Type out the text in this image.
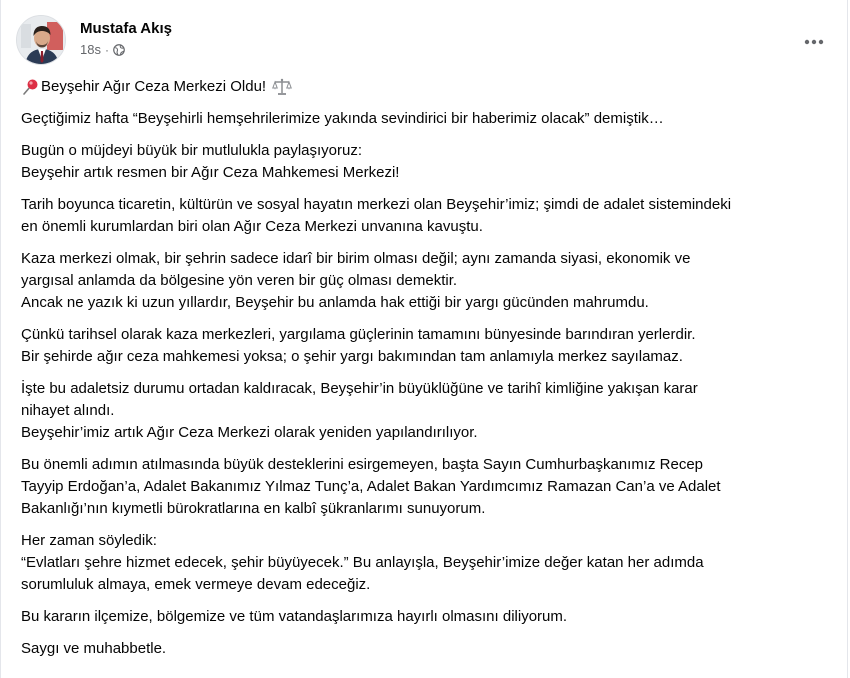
Mustafa Akış
18s ·

Beyşehir Ağır Ceza Merkezi Oldu!

Geçtiğimiz hafta “Beyşehirli hemşehrilerimize yakında sevindirici bir haberimiz olacak” demiştik…

Bugün o müjdeyi büyük bir mutlulukla paylaşıyoruz:
Beyşehir artık resmen bir Ağır Ceza Mahkemesi Merkezi!

Tarih boyunca ticaretin, kültürün ve sosyal hayatın merkezi olan Beyşehir’imiz; şimdi de adalet sistemindeki
en önemli kurumlardan biri olan Ağır Ceza Merkezi unvanına kavuştu.

Kaza merkezi olmak, bir şehrin sadece idarî bir birim olması değil; aynı zamanda siyasi, ekonomik ve
yargısal anlamda da bölgesine yön veren bir güç olması demektir.
Ancak ne yazık ki uzun yıllardır, Beyşehir bu anlamda hak ettiği bir yargı gücünden mahrumdu.

Çünkü tarihsel olarak kaza merkezleri, yargılama güçlerinin tamamını bünyesinde barındıran yerlerdir.
Bir şehirde ağır ceza mahkemesi yoksa; o şehir yargı bakımından tam anlamıyla merkez sayılamaz.

İşte bu adaletsiz durumu ortadan kaldıracak, Beyşehir’in büyüklüğüne ve tarihî kimliğine yakışan karar
nihayet alındı.
Beyşehir’imiz artık Ağır Ceza Merkezi olarak yeniden yapılandırılıyor.

Bu önemli adımın atılmasında büyük desteklerini esirgemeyen, başta Sayın Cumhurbaşkanımız Recep
Tayyip Erdoğan’a, Adalet Bakanımız Yılmaz Tunç’a, Adalet Bakan Yardımcımız Ramazan Can’a ve Adalet
Bakanlığı’nın kıymetli bürokratlarına en kalbî şükranlarımı sunuyorum.

Her zaman söyledik:
“Evlatları şehre hizmet edecek, şehir büyüyecek.” Bu anlayışla, Beyşehir’imize değer katan her adımda
sorumluluk almaya, emek vermeye devam edeceğiz.

Bu kararın ilçemize, bölgemize ve tüm vatandaşlarımıza hayırlı olmasını diliyorum.

Saygı ve muhabbetle.
